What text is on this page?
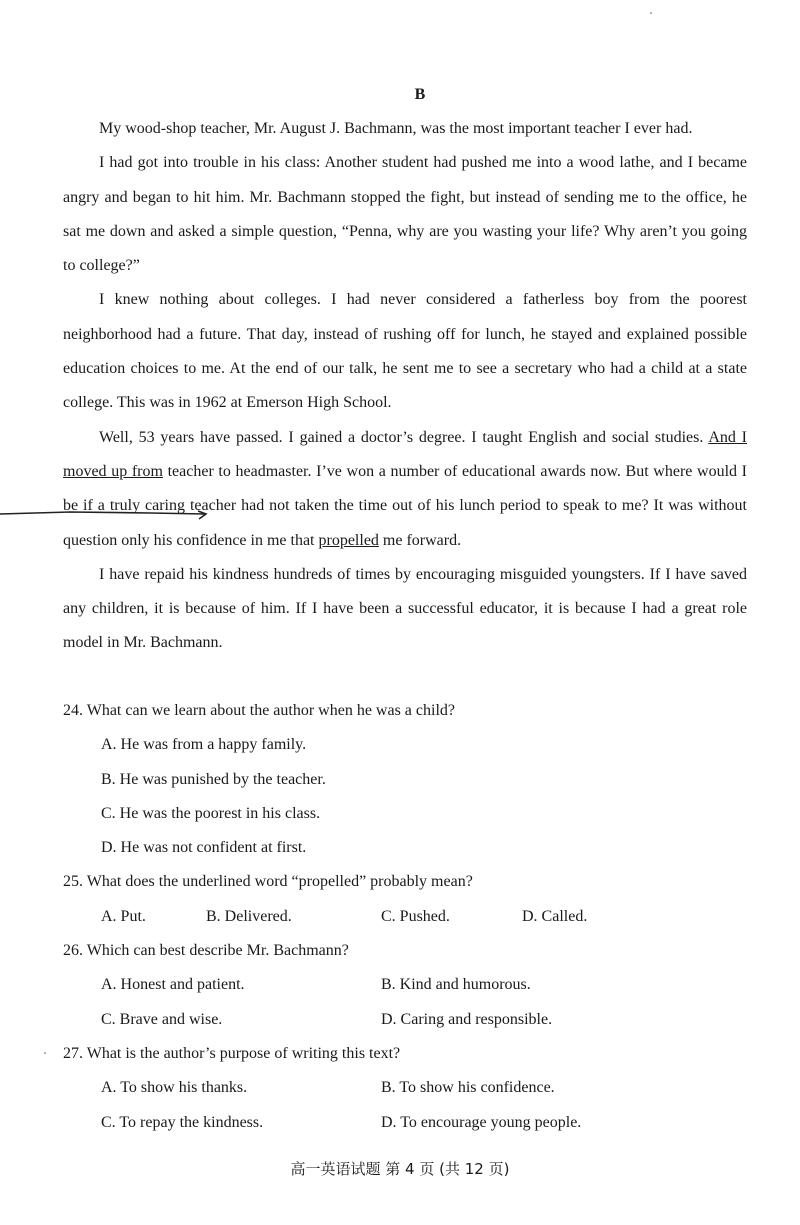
B

My wood-shop teacher, Mr. August J. Bachmann, was the most important teacher I ever had.

I had got into trouble in his class: Another student had pushed me into a wood lathe, and I became angry and began to hit him. Mr. Bachmann stopped the fight, but instead of sending me to the office, he sat me down and asked a simple question, “Penna, why are you wasting your life? Why aren’t you going to college?”

I knew nothing about colleges. I had never considered a fatherless boy from the poorest neighborhood had a future. That day, instead of rushing off for lunch, he stayed and explained possible education choices to me. At the end of our talk, he sent me to see a secretary who had a child at a state college. This was in 1962 at Emerson High School.

Well, 53 years have passed. I gained a doctor’s degree. I taught English and social studies. And I moved up from teacher to headmaster. I’ve won a number of educational awards now. But where would I be if a truly caring teacher had not taken the time out of his lunch period to speak to me? It was without question only his confidence in me that propelled me forward.

I have repaid his kindness hundreds of times by encouraging misguided youngsters. If I have saved any children, it is because of him. If I have been a successful educator, it is because I had a great role model in Mr. Bachmann.

24. What can we learn about the author when he was a child?
A. He was from a happy family.
B. He was punished by the teacher.
C. He was the poorest in his class.
D. He was not confident at first.
25. What does the underlined word “propelled” probably mean?
A. Put.	B. Delivered.	C. Pushed.	D. Called.
26. Which can best describe Mr. Bachmann?
A. Honest and patient.	B. Kind and humorous.
C. Brave and wise.	D. Caring and responsible.
27. What is the author’s purpose of writing this text?
A. To show his thanks.	B. To show his confidence.
C. To repay the kindness.	D. To encourage young people.
高一英语试题 第 4 页 (共 12 页)
